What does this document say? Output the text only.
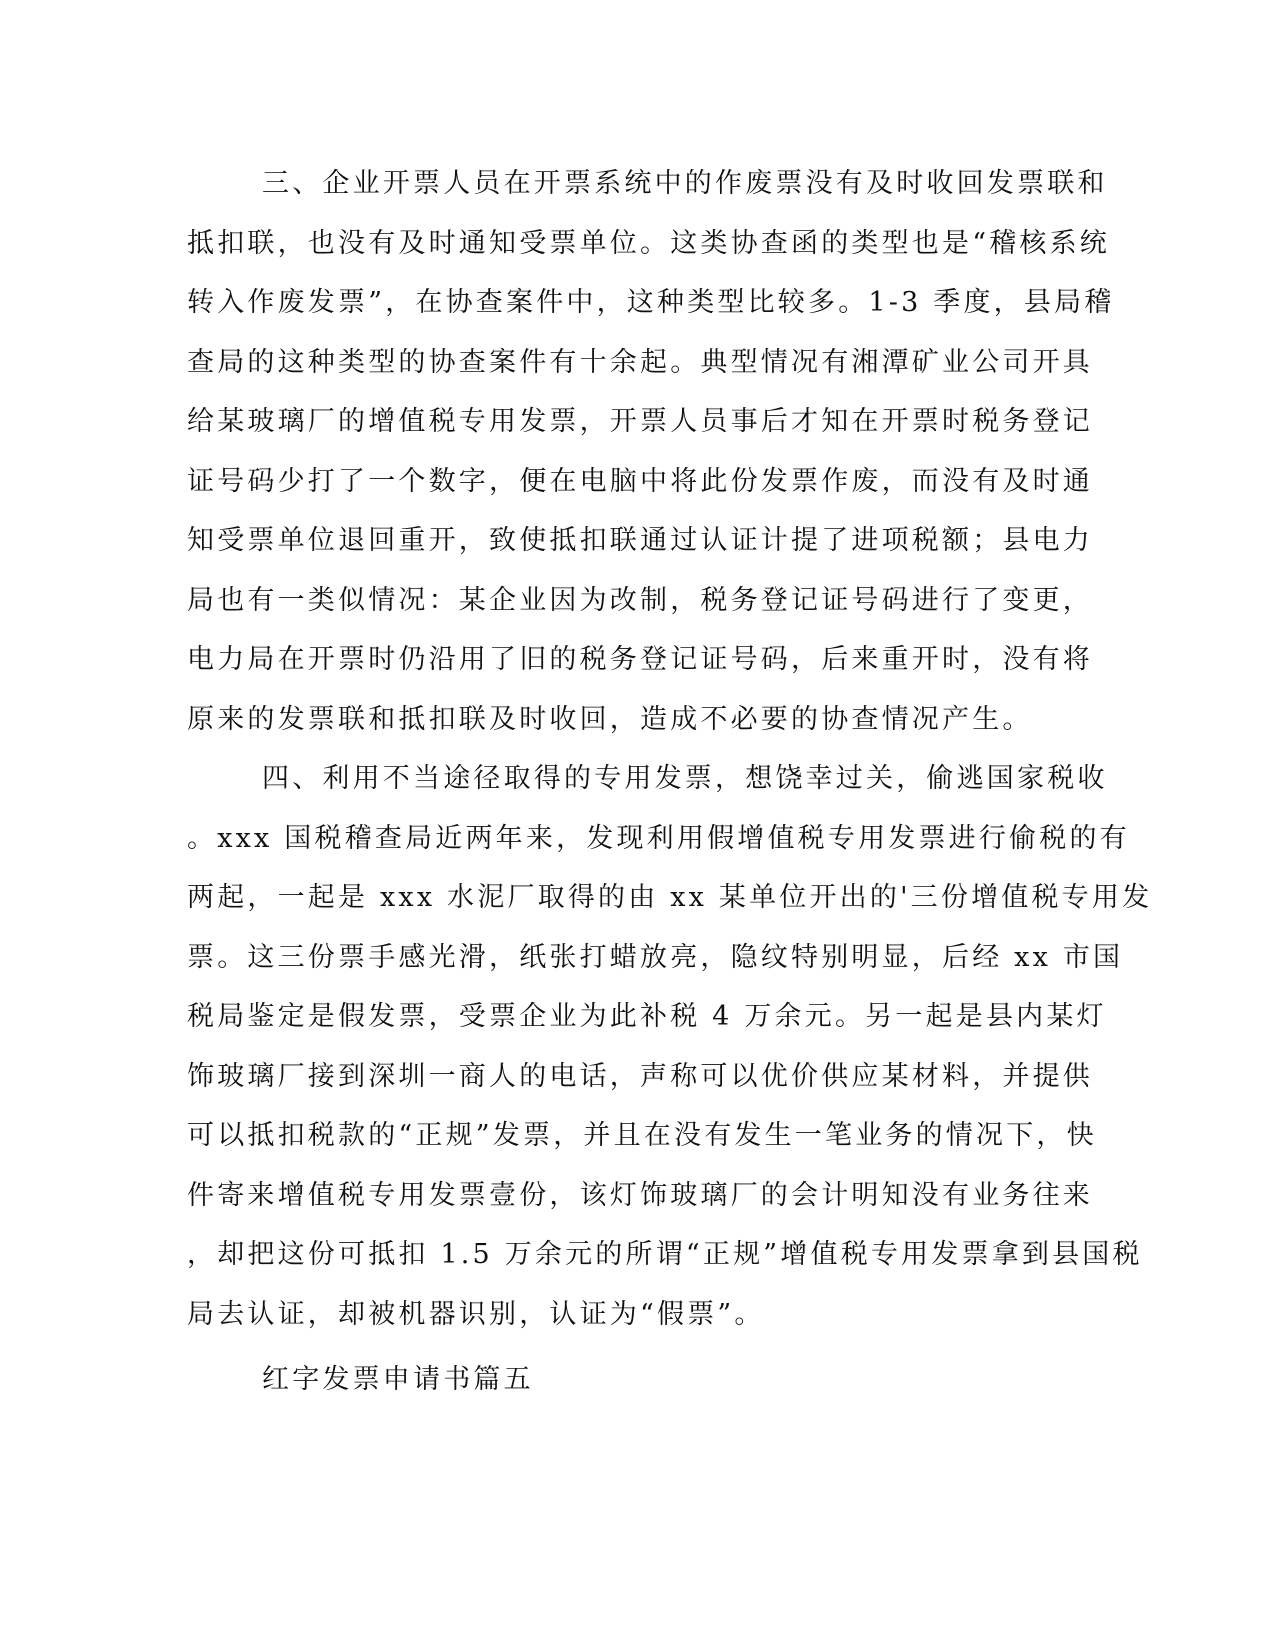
三、企业开票人员在开票系统中的作废票没有及时收回发票联和
抵扣联，也没有及时通知受票单位。这类协查函的类型也是“稽核系统
转入作废发票”，在协查案件中，这种类型比较多。1-3 季度，县局稽
查局的这种类型的协查案件有十余起。典型情况有湘潭矿业公司开具
给某玻璃厂的增值税专用发票，开票人员事后才知在开票时税务登记
证号码少打了一个数字，便在电脑中将此份发票作废，而没有及时通
知受票单位退回重开，致使抵扣联通过认证计提了进项税额；县电力
局也有一类似情况：某企业因为改制，税务登记证号码进行了变更，
电力局在开票时仍沿用了旧的税务登记证号码，后来重开时，没有将
原来的发票联和抵扣联及时收回，造成不必要的协查情况产生。
四、利用不当途径取得的专用发票，想饶幸过关，偷逃国家税收
。xxx 国税稽查局近两年来，发现利用假增值税专用发票进行偷税的有
两起，一起是 xxx 水泥厂取得的由 xx 某单位开出的'三份增值税专用发
票。这三份票手感光滑，纸张打蜡放亮，隐纹特别明显，后经 xx 市国
税局鉴定是假发票，受票企业为此补税 4 万余元。另一起是县内某灯
饰玻璃厂接到深圳一商人的电话，声称可以优价供应某材料，并提供
可以抵扣税款的“正规”发票，并且在没有发生一笔业务的情况下，快
件寄来增值税专用发票壹份，该灯饰玻璃厂的会计明知没有业务往来
，却把这份可抵扣 1.5 万余元的所谓“正规”增值税专用发票拿到县国税
局去认证，却被机器识别，认证为“假票”。
红字发票申请书篇五
